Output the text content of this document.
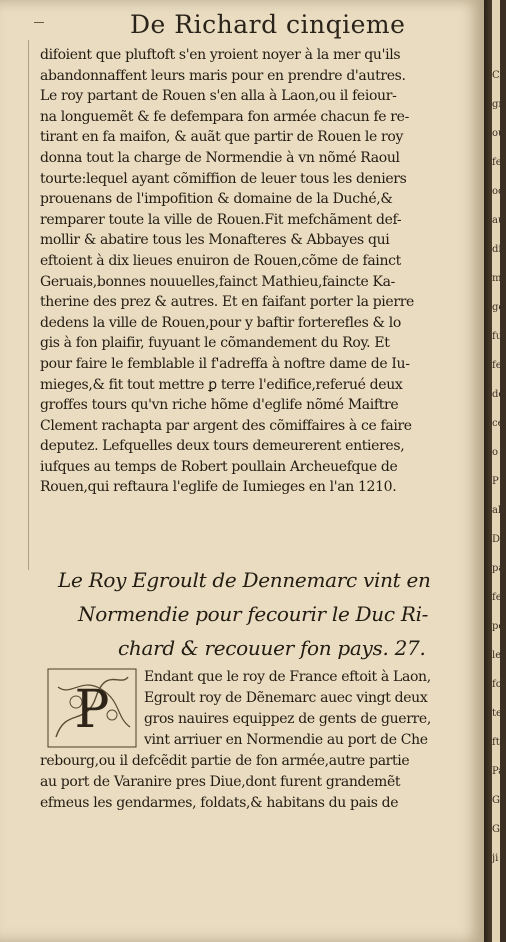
De Richard cinqieme
difoient que pluftoft s'en yroient noyer à la mer qu'ils
abandonnaffent leurs maris pour en prendre d'autres.
Le roy partant de Rouen s'en alla à Laon,ou il feiour-
na longuemẽt & fe defempara fon armée chacun fe re-
tirant en fa maifon, & auãt que partir de Rouen le roy
donna tout la charge de Normendie à vn nõmé Raoul
tourte:lequel ayant cõmiffion de leuer tous les deniers
prouenans de l'impofition & domaine de la Duché,&
remparer toute la ville de Rouen.Fit mefchãment def-
mollir & abatire tous les Monafteres & Abbayes qui
eftoient à dix lieues enuiron de Rouen,cõme de fainct
Geruais,bonnes nouuelles,fainct Mathieu,faincte Ka-
therine des prez & autres. Et en faifant porter la pierre
dedens la ville de Rouen,pour y baftir forterefles & lo
gis à fon plaifir, fuyuant le cõmandement du Roy. Et
pour faire le femblable il f'adreffa à noftre dame de Iu-
mieges,& fit tout mettre ꝑ terre l'edifice,referué deux
groffes tours qu'vn riche hõme d'eglife nõmé Maiftre
Clement rachapta par argent des cõmiffaires à ce faire
deputez. Lefquelles deux tours demeurerent entieres,
iufques au temps de Robert poullain Archeuefque de
Rouen,qui reftaura l'eglife de Iumieges en l'an 1210.
Le Roy Egroult de Dennemarc vint en
Normendie pour fecourir le Duc Ri-
chard & recouuer fon pays. 27.
P
Endant que le roy de France eftoit à Laon,
Egroult roy de Dẽnemarc auec vingt deux
gros nauires equippez de gents de guerre,
vint arriuer en Normendie au port de Che
rebourg,ou il defcẽdit partie de fon armée,autre partie
au port de Varanire pres Diue,dont furent grandemẽt
efmeus les gendarmes, foldats,& habitans du pais de
Cl
gr
ou
fe
oc
au
di
m
ge
fu
fe
de
ce
o
P
ab
D
pa
fer
po
les
fo
te
fti
Pa
Gu
G
ji
